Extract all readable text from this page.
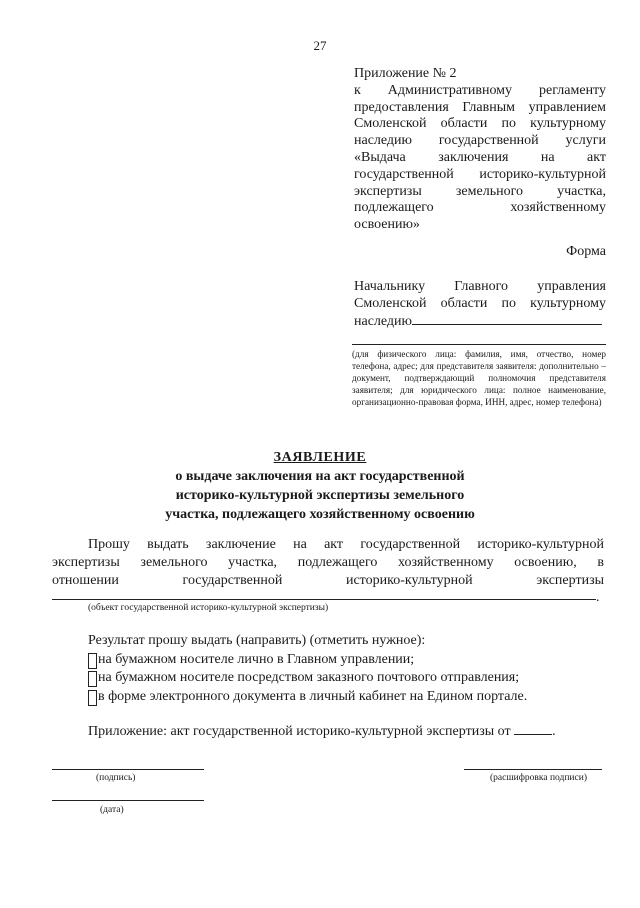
27
Приложение № 2
к Административному регламенту
предоставления Главным управлением
Смоленской области по культурному
наследию государственной услуги
«Выдача заключения на акт
государственной историко-культурной
экспертизы земельного участка,
подлежащего хозяйственному
освоению»
Форма
Начальнику Главного управления
Смоленской области по культурному
наследию
(для физического лица: фамилия, имя, отчество, номер телефона, адрес; для представителя заявителя: дополнительно – документ, подтверждающий полномочия представителя заявителя; для юридического лица: полное наименование, организационно-правовая форма, ИНН, адрес, номер телефона)
ЗАЯВЛЕНИЕ
о выдаче заключения на акт государственной
историко-культурной экспертизы земельного
участка, подлежащего хозяйственному освоению
Прошу выдать заключение на акт государственной историко-культурной
экспертизы земельного участка, подлежащего хозяйственному освоению, в
отношении государственной историко-культурной экспертизы
.
(объект государственной историко-культурной экспертизы)
Результат прошу выдать (направить) (отметить нужное):
на бумажном носителе лично в Главном управлении;
на бумажном носителе посредством заказного почтового отправления;
в форме электронного документа в личный кабинет на Едином портале.
Приложение: акт государственной историко-культурной экспертизы от	.
(подпись)	(расшифровка подписи)
(дата)
